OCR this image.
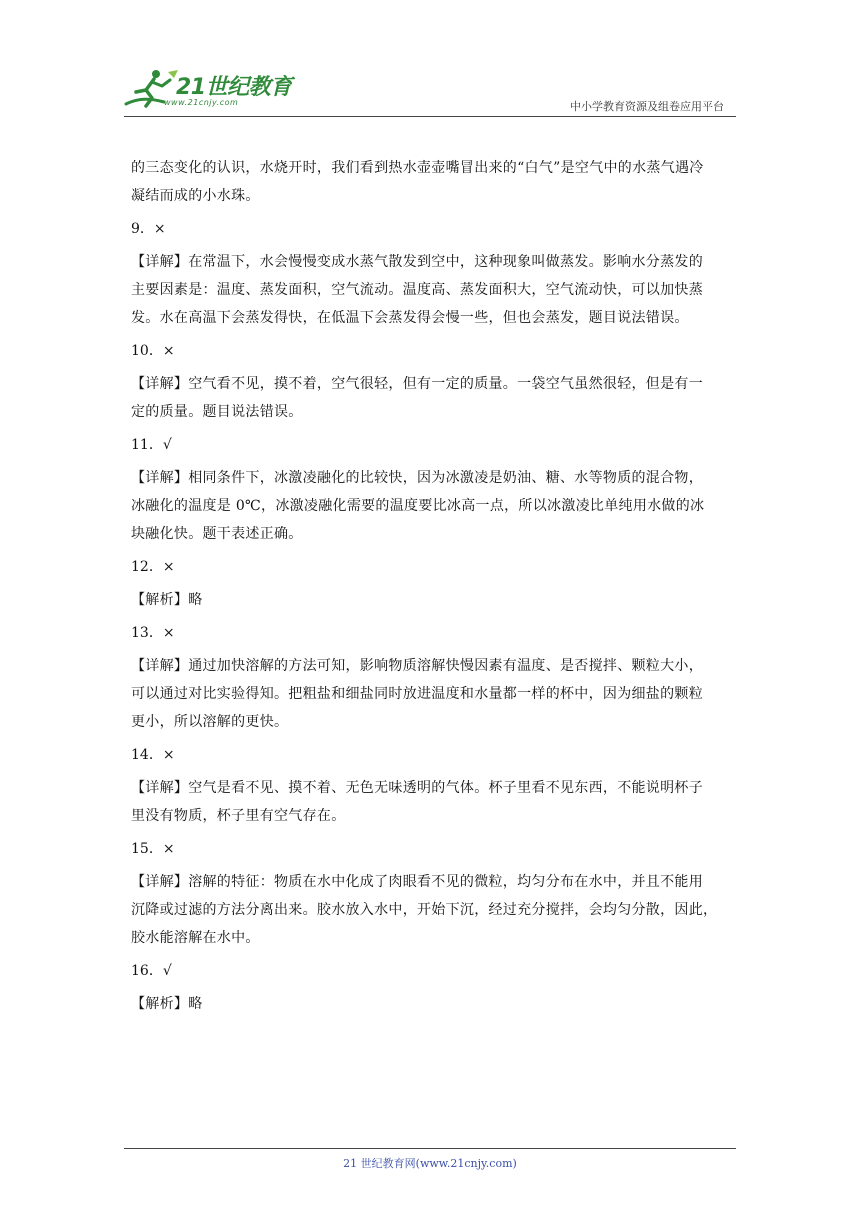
21世纪教育
www.21cnjy.com	中小学教育资源及组卷应用平台

的三态变化的认识，水烧开时，我们看到热水壶壶嘴冒出来的“白气”是空气中的水蒸气遇冷

凝结而成的小水珠。

9．×

【详解】在常温下，水会慢慢变成水蒸气散发到空中，这种现象叫做蒸发。影响水分蒸发的

主要因素是：温度、蒸发面积，空气流动。温度高、蒸发面积大，空气流动快，可以加快蒸

发。水在高温下会蒸发得快，在低温下会蒸发得会慢一些，但也会蒸发，题目说法错误。

10．×

【详解】空气看不见，摸不着，空气很轻，但有一定的质量。一袋空气虽然很轻，但是有一

定的质量。题目说法错误。

11．√

【详解】相同条件下，冰激凌融化的比较快，因为冰激凌是奶油、糖、水等物质的混合物，

冰融化的温度是 0℃，冰激凌融化需要的温度要比冰高一点，所以冰激凌比单纯用水做的冰

块融化快。题干表述正确。

12．×

【解析】略

13．×

【详解】通过加快溶解的方法可知，影响物质溶解快慢因素有温度、是否搅拌、颗粒大小，

可以通过对比实验得知。把粗盐和细盐同时放进温度和水量都一样的杯中，因为细盐的颗粒

更小，所以溶解的更快。

14．×

【详解】空气是看不见、摸不着、无色无味透明的气体。杯子里看不见东西，不能说明杯子

里没有物质，杯子里有空气存在。

15．×

【详解】溶解的特征：物质在水中化成了肉眼看不见的微粒，均匀分布在水中，并且不能用

沉降或过滤的方法分离出来。胶水放入水中，开始下沉，经过充分搅拌，会均匀分散，因此，

胶水能溶解在水中。

16．√

【解析】略

21 世纪教育网(www.21cnjy.com)
